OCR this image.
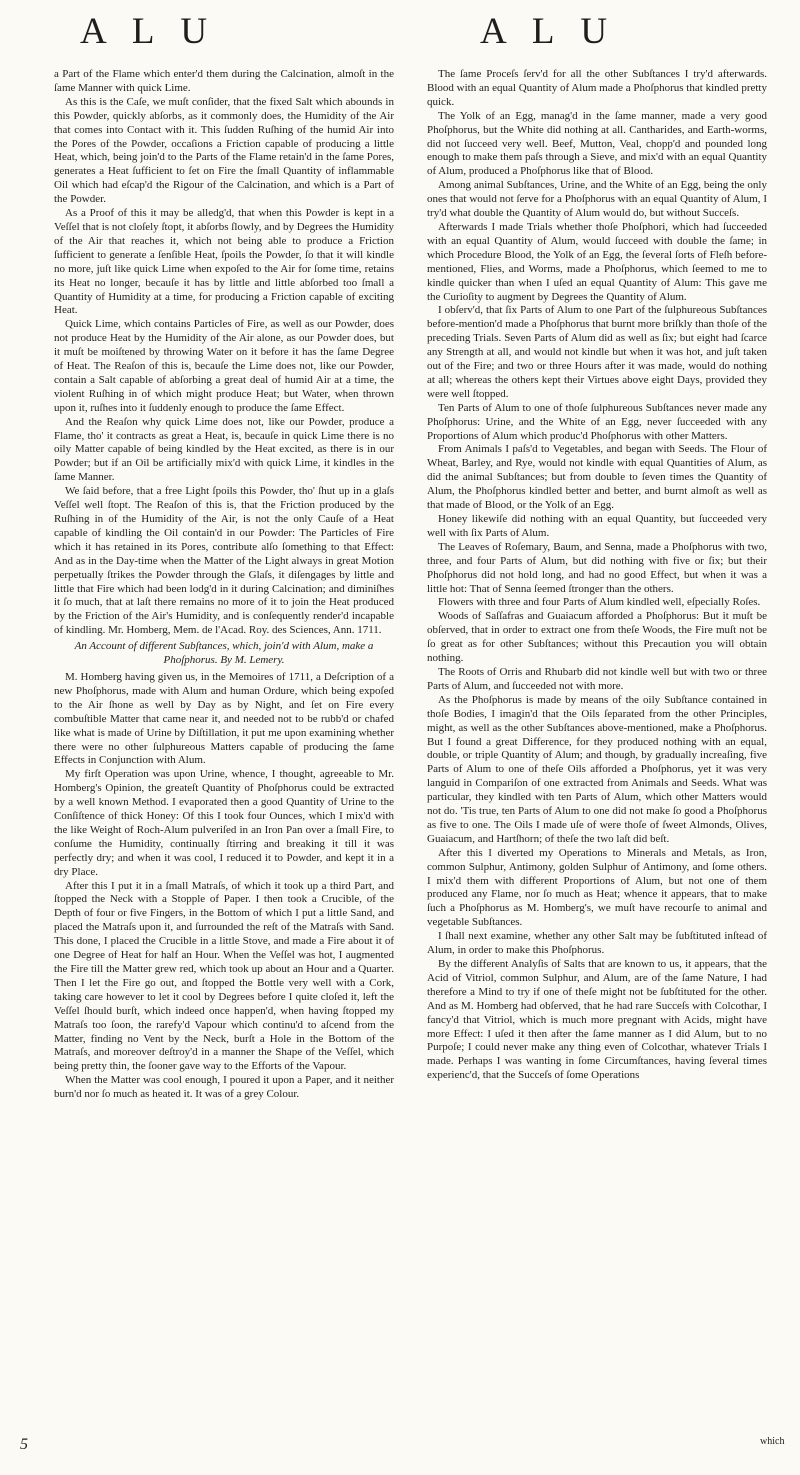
A L U	A L U

a Part of the Flame which enter'd them during the Calcination, almoſt in the ſame Manner with quick Lime.

As this is the Caſe, we muſt conſider, that the fixed Salt which abounds in this Powder, quickly abſorbs, as it commonly does, the Humidity of the Air that comes into Contact with it. This ſudden Ruſhing of the humid Air into the Pores of the Powder, occaſions a Friction capable of producing a little Heat, which, being join'd to the Parts of the Flame retain'd in the ſame Pores, generates a Heat ſufficient to ſet on Fire the ſmall Quantity of inflammable Oil which had eſcap'd the Rigour of the Calcination, and which is a Part of the Powder.

As a Proof of this it may be alledg'd, that when this Powder is kept in a Veſſel that is not cloſely ſtopt, it abſorbs ſlowly, and by Degrees the Humidity of the Air that reaches it, which not being able to produce a Friction ſufficient to generate a ſenſible Heat, ſpoils the Powder, ſo that it will kindle no more, juſt like quick Lime when expoſed to the Air for ſome time, retains its Heat no longer, becauſe it has by little and little abſorbed too ſmall a Quantity of Humidity at a time, for producing a Friction capable of exciting Heat.

Quick Lime, which contains Particles of Fire, as well as our Powder, does not produce Heat by the Humidity of the Air alone, as our Powder does, but it muſt be moiſtened by throwing Water on it before it has the ſame Degree of Heat. The Reaſon of this is, becauſe the Lime does not, like our Powder, contain a Salt capable of abſorbing a great deal of humid Air at a time, the violent Ruſhing in of which might produce Heat; but Water, when thrown upon it, ruſhes into it ſuddenly enough to produce the ſame Effect.

And the Reaſon why quick Lime does not, like our Powder, produce a Flame, tho' it contracts as great a Heat, is, becauſe in quick Lime there is no oily Matter capable of being kindled by the Heat excited, as there is in our Powder; but if an Oil be artificially mix'd with quick Lime, it kindles in the ſame Manner.

We ſaid before, that a free Light ſpoils this Powder, tho' ſhut up in a glaſs Veſſel well ſtopt. The Reaſon of this is, that the Friction produced by the Ruſhing in of the Humidity of the Air, is not the only Cauſe of a Heat capable of kindling the Oil contain'd in our Powder: The Particles of Fire which it has retained in its Pores, contribute alſo ſomething to that Effect: And as in the Day-time when the Matter of the Light always in great Motion perpetually ſtrikes the Powder through the Glaſs, it diſengages by little and little that Fire which had been lodg'd in it during Calcination; and diminiſhes it ſo much, that at laſt there remains no more of it to join the Heat produced by the Friction of the Air's Humidity, and is conſequently render'd incapable of kindling. Mr. Homberg, Mem. de l'Acad. Roy. des Sciences, Ann. 1711.

An Account of different Subſtances, which, join'd with Alum, make a Phoſphorus. By M. Lemery.

M. Homberg having given us, in the Memoires of 1711, a Deſcription of a new Phoſphorus, made with Alum and human Ordure, which being expoſed to the Air ſhone as well by Day as by Night, and ſet on Fire every combuſtible Matter that came near it, and needed not to be rubb'd or chafed like what is made of Urine by Diſtillation, it put me upon examining whether there were no other ſulphureous Matters capable of producing the ſame Effects in Conjunction with Alum.

My firſt Operation was upon Urine, whence, I thought, agreeable to Mr. Homberg's Opinion, the greateſt Quantity of Phoſphorus could be extracted by a well known Method. I evaporated then a good Quantity of Urine to the Conſiſtence of thick Honey: Of this I took four Ounces, which I mix'd with the like Weight of Roch-Alum pulveriſed in an Iron Pan over a ſmall Fire, to conſume the Humidity, continually ſtirring and breaking it till it was perfectly dry; and when it was cool, I reduced it to Powder, and kept it in a dry Place.

After this I put it in a ſmall Matraſs, of which it took up a third Part, and ſtopped the Neck with a Stopple of Paper. I then took a Crucible, of the Depth of four or five Fingers, in the Bottom of which I put a little Sand, and placed the Matraſs upon it, and ſurrounded the reſt of the Matraſs with Sand. This done, I placed the Crucible in a little Stove, and made a Fire about it of one Degree of Heat for half an Hour. When the Veſſel was hot, I augmented the Fire till the Matter grew red, which took up about an Hour and a Quarter. Then I let the Fire go out, and ſtopped the Bottle very well with a Cork, taking care however to let it cool by Degrees before I quite cloſed it, left the Veſſel ſhould burſt, which indeed once happen'd, when having ſtopped my Matraſs too ſoon, the rarefy'd Vapour which continu'd to aſcend from the Matter, finding no Vent by the Neck, burſt a Hole in the Bottom of the Matraſs, and moreover deſtroy'd in a manner the Shape of the Veſſel, which being pretty thin, the ſooner gave way to the Efforts of the Vapour.

When the Matter was cool enough, I poured it upon a Paper, and it neither burn'd nor ſo much as heated it. It was of a grey Colour.

The ſame Proceſs ſerv'd for all the other Subſtances I try'd afterwards. Blood with an equal Quantity of Alum made a Phoſphorus that kindled pretty quick.

The Yolk of an Egg, manag'd in the ſame manner, made a very good Phoſphorus, but the White did nothing at all. Cantharides, and Earth-worms, did not ſucceed very well. Beef, Mutton, Veal, chopp'd and pounded long enough to make them paſs through a Sieve, and mix'd with an equal Quantity of Alum, produced a Phoſphorus like that of Blood.

Among animal Subſtances, Urine, and the White of an Egg, being the only ones that would not ſerve for a Phoſphorus with an equal Quantity of Alum, I try'd what double the Quantity of Alum would do, but without Succeſs.

Afterwards I made Trials whether thoſe Phoſphori, which had ſucceeded with an equal Quantity of Alum, would ſucceed with double the ſame; in which Procedure Blood, the Yolk of an Egg, the ſeveral ſorts of Fleſh before-mentioned, Flies, and Worms, made a Phoſphorus, which ſeemed to me to kindle quicker than when I uſed an equal Quantity of Alum: This gave me the Curioſity to augment by Degrees the Quantity of Alum.

I obſerv'd, that ſix Parts of Alum to one Part of the ſulphureous Subſtances before-mention'd made a Phoſphorus that burnt more briſkly than thoſe of the preceding Trials. Seven Parts of Alum did as well as ſix; but eight had ſcarce any Strength at all, and would not kindle but when it was hot, and juſt taken out of the Fire; and two or three Hours after it was made, would do nothing at all; whereas the others kept their Virtues above eight Days, provided they were well ſtopped.

Ten Parts of Alum to one of thoſe ſulphureous Subſtances never made any Phoſphorus: Urine, and the White of an Egg, never ſucceeded with any Proportions of Alum which produc'd Phoſphorus with other Matters.

From Animals I paſs'd to Vegetables, and began with Seeds. The Flour of Wheat, Barley, and Rye, would not kindle with equal Quantities of Alum, as did the animal Subſtances; but from double to ſeven times the Quantity of Alum, the Phoſphorus kindled better and better, and burnt almoſt as well as that made of Blood, or the Yolk of an Egg.

Honey likewiſe did nothing with an equal Quantity, but ſucceeded very well with ſix Parts of Alum.

The Leaves of Roſemary, Baum, and Senna, made a Phoſphorus with two, three, and four Parts of Alum, but did nothing with five or ſix; but their Phoſphorus did not hold long, and had no good Effect, but when it was a little hot: That of Senna ſeemed ſtronger than the others.

Flowers with three and four Parts of Alum kindled well, eſpecially Roſes.

Woods of Saſſafras and Guaiacum afforded a Phoſphorus: But it muſt be obſerved, that in order to extract one from theſe Woods, the Fire muſt not be ſo great as for other Subſtances; without this Precaution you will obtain nothing.

The Roots of Orris and Rhubarb did not kindle well but with two or three Parts of Alum, and ſucceeded not with more.

As the Phoſphorus is made by means of the oily Subſtance contained in thoſe Bodies, I imagin'd that the Oils ſeparated from the other Principles, might, as well as the other Subſtances above-mentioned, make a Phoſphorus. But I found a great Difference, for they produced nothing with an equal, double, or triple Quantity of Alum; and though, by gradually increaſing, five Parts of Alum to one of theſe Oils afforded a Phoſphorus, yet it was very languid in Compariſon of one extracted from Animals and Seeds. What was particular, they kindled with ten Parts of Alum, which other Matters would not do. 'Tis true, ten Parts of Alum to one did not make ſo good a Phoſphorus as five to one. The Oils I made uſe of were thoſe of ſweet Almonds, Olives, Guaiacum, and Hartſhorn; of theſe the two laſt did beſt.

After this I diverted my Operations to Minerals and Metals, as Iron, common Sulphur, Antimony, golden Sulphur of Antimony, and ſome others. I mix'd them with different Proportions of Alum, but not one of them produced any Flame, nor ſo much as Heat; whence it appears, that to make ſuch a Phoſphorus as M. Homberg's, we muſt have recourſe to animal and vegetable Subſtances.

I ſhall next examine, whether any other Salt may be ſubſtituted inſtead of Alum, in order to make this Phoſphorus.

By the different Analyſis of Salts that are known to us, it appears, that the Acid of Vitriol, common Sulphur, and Alum, are of the ſame Nature, I had therefore a Mind to try if one of theſe might not be ſubſtituted for the other. And as M. Homberg had obſerved, that he had rare Succeſs with Colcothar, I fancy'd that Vitriol, which is much more pregnant with Acids, might have more Effect: I uſed it then after the ſame manner as I did Alum, but to no Purpoſe; I could never make any thing even of Colcothar, whatever Trials I made. Perhaps I was wanting in ſome Circumſtances, having ſeveral times experienc'd, that the Succeſs of ſome Operations

5	which
